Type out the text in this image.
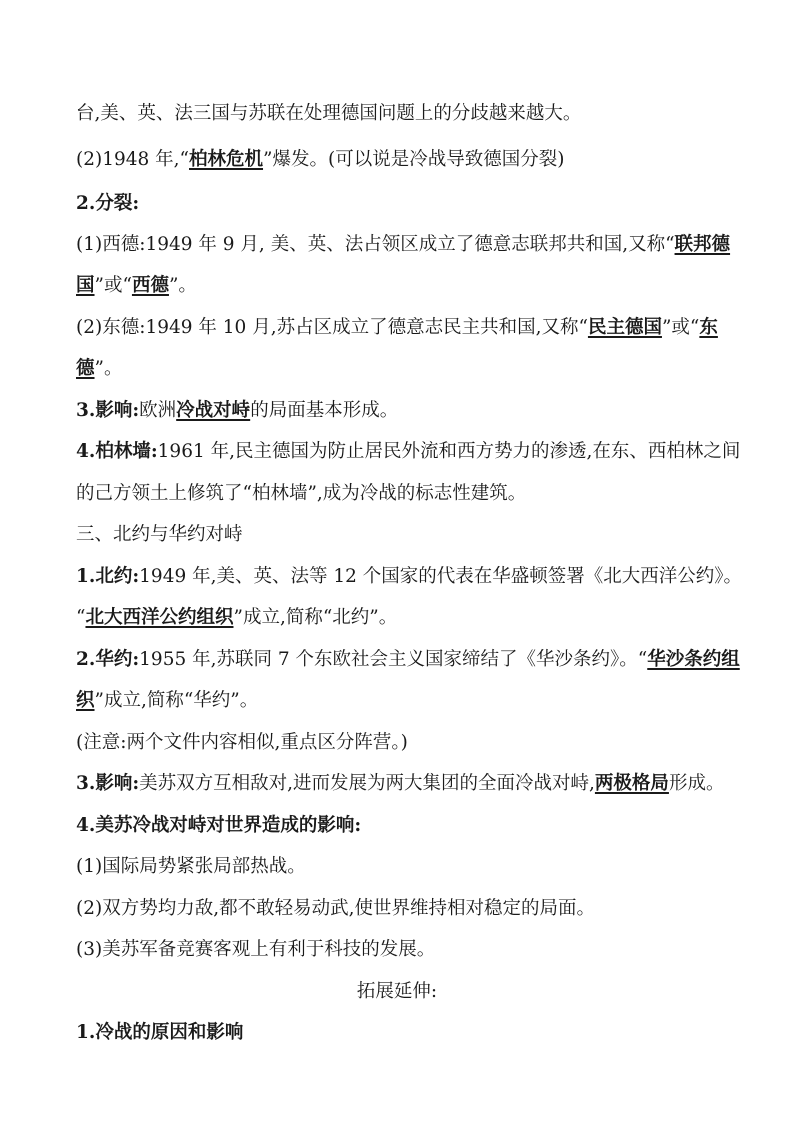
台,美、英、法三国与苏联在处理德国问题上的分歧越来越大。
(2)1948 年,“柏林危机”爆发。(可以说是冷战导致德国分裂)
2.分裂:
(1)西德:1949 年 9 月, 美、英、法占领区成立了德意志联邦共和国,又称“联邦德
国”或“西德”。
(2)东德:1949 年 10 月,苏占区成立了德意志民主共和国,又称“民主德国”或“东
德”。
3.影响:欧洲冷战对峙的局面基本形成。
4.柏林墙:1961 年,民主德国为防止居民外流和西方势力的渗透,在东、西柏林之间
的己方领土上修筑了“柏林墙”,成为冷战的标志性建筑。
三、北约与华约对峙
1.北约:1949 年,美、英、法等 12 个国家的代表在华盛顿签署《北大西洋公约》。
“北大西洋公约组织”成立,简称“北约”。
2.华约:1955 年,苏联同 7 个东欧社会主义国家缔结了《华沙条约》。“华沙条约组
织”成立,简称“华约”。
(注意:两个文件内容相似,重点区分阵营。)
3.影响:美苏双方互相敌对,进而发展为两大集团的全面冷战对峙,两极格局形成。
4.美苏冷战对峙对世界造成的影响:
(1)国际局势紧张局部热战。
(2)双方势均力敌,都不敢轻易动武,使世界维持相对稳定的局面。
(3)美苏军备竞赛客观上有利于科技的发展。
拓展延伸:
1.冷战的原因和影响
